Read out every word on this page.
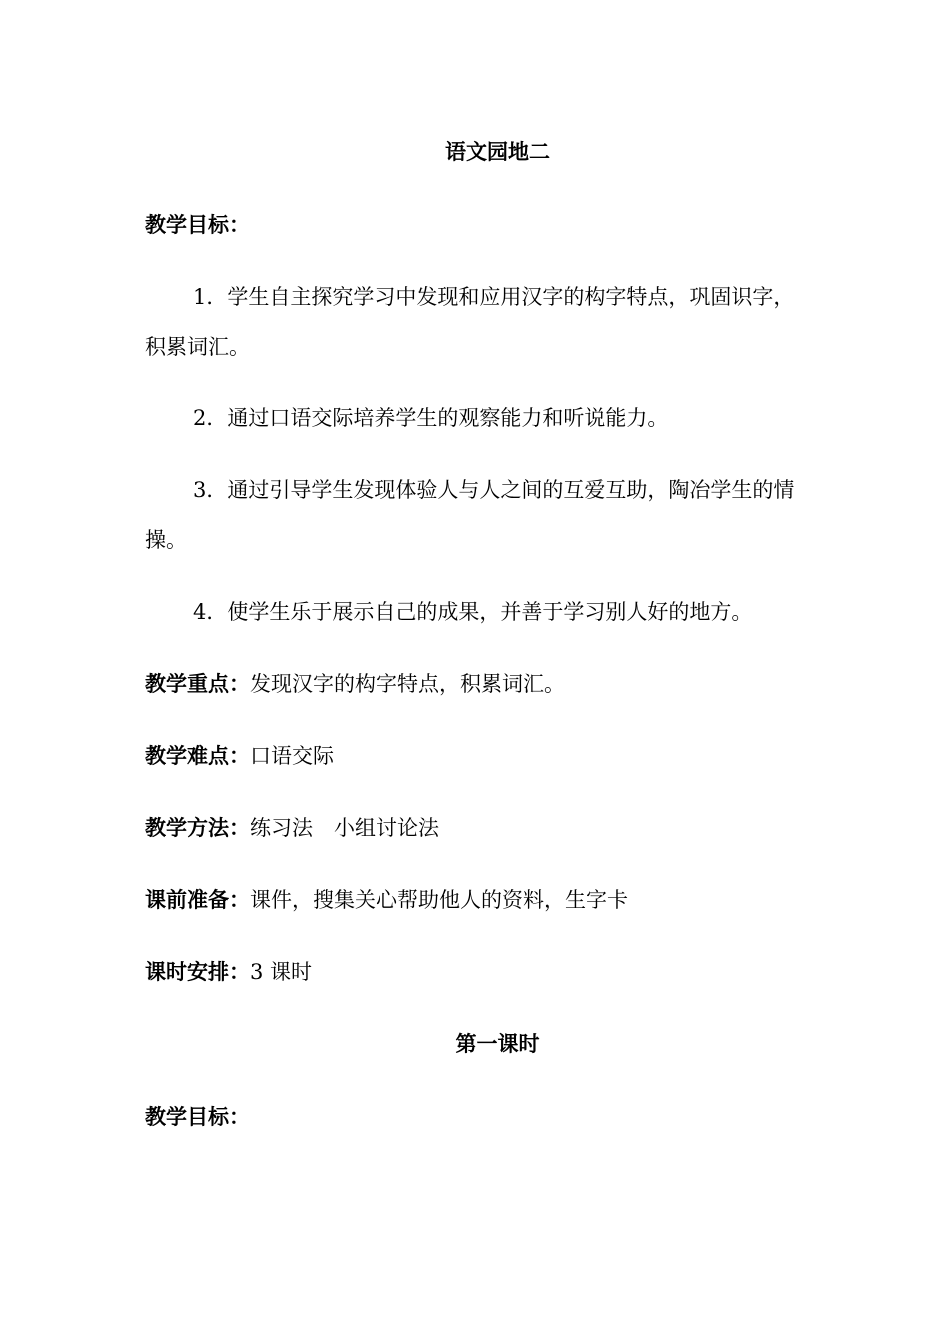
语文园地二
教学目标：
1．学生自主探究学习中发现和应用汉字的构字特点，巩固识字，积累词汇。
2．通过口语交际培养学生的观察能力和听说能力。
3．通过引导学生发现体验人与人之间的互爱互助，陶冶学生的情操。
4．使学生乐于展示自己的成果，并善于学习别人好的地方。
教学重点：发现汉字的构字特点，积累词汇。
教学难点：口语交际
教学方法：练习法　小组讨论法
课前准备：课件，搜集关心帮助他人的资料，生字卡
课时安排：3 课时
第一课时
教学目标：
